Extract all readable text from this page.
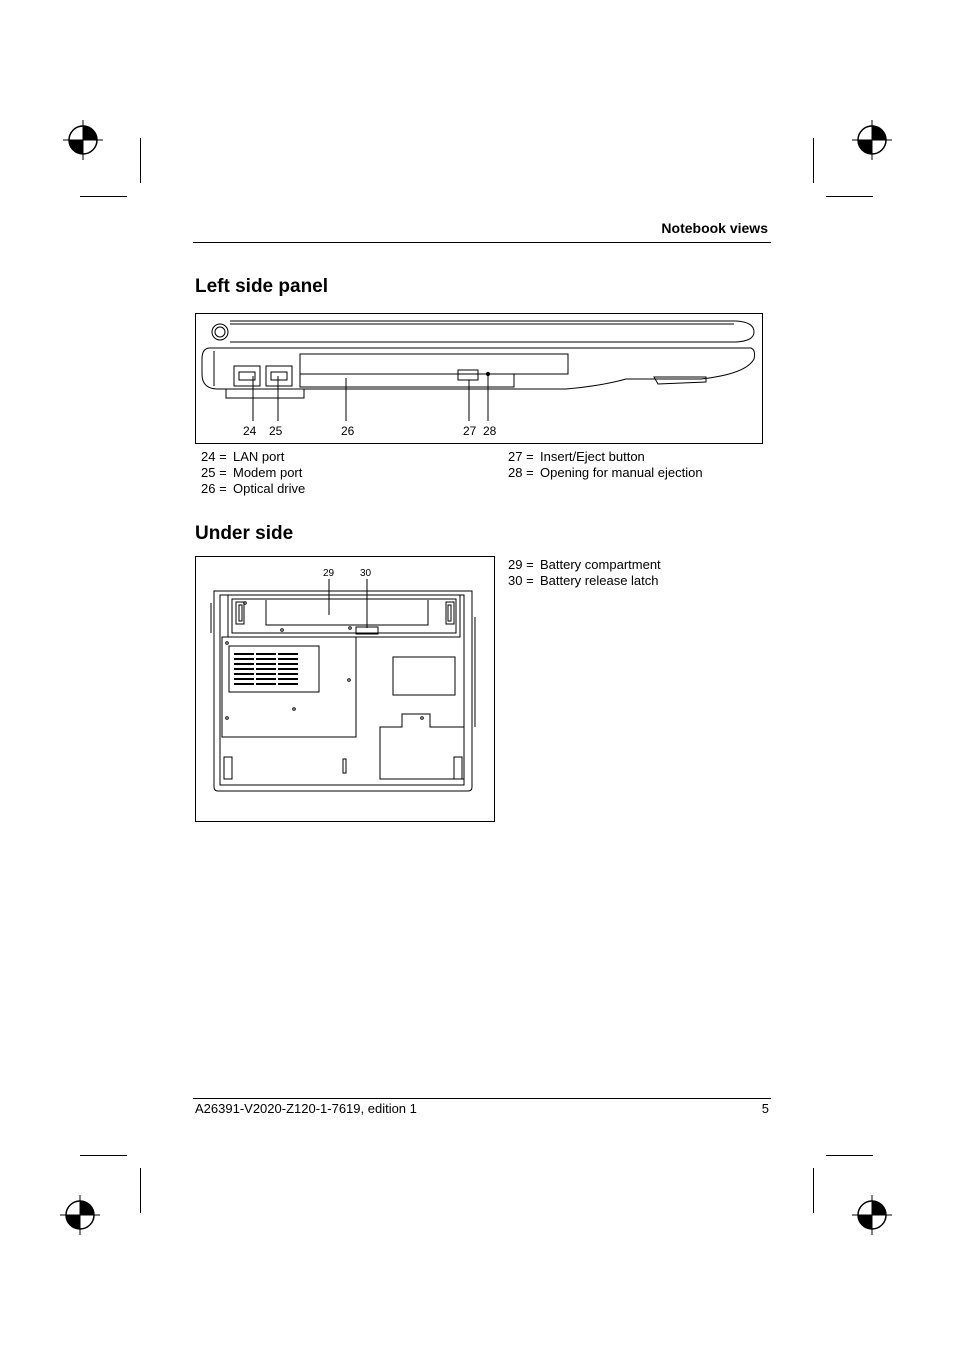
Notebook views
Left side panel
24 25	26	27 28
24 = LAN port
25 = Modem port
26 = Optical drive
27 = Insert/Eject button
28 = Opening for manual ejection
Under side
29	30
29 = Battery compartment
30 = Battery release latch
A26391-V2020-Z120-1-7619, edition 1	5
